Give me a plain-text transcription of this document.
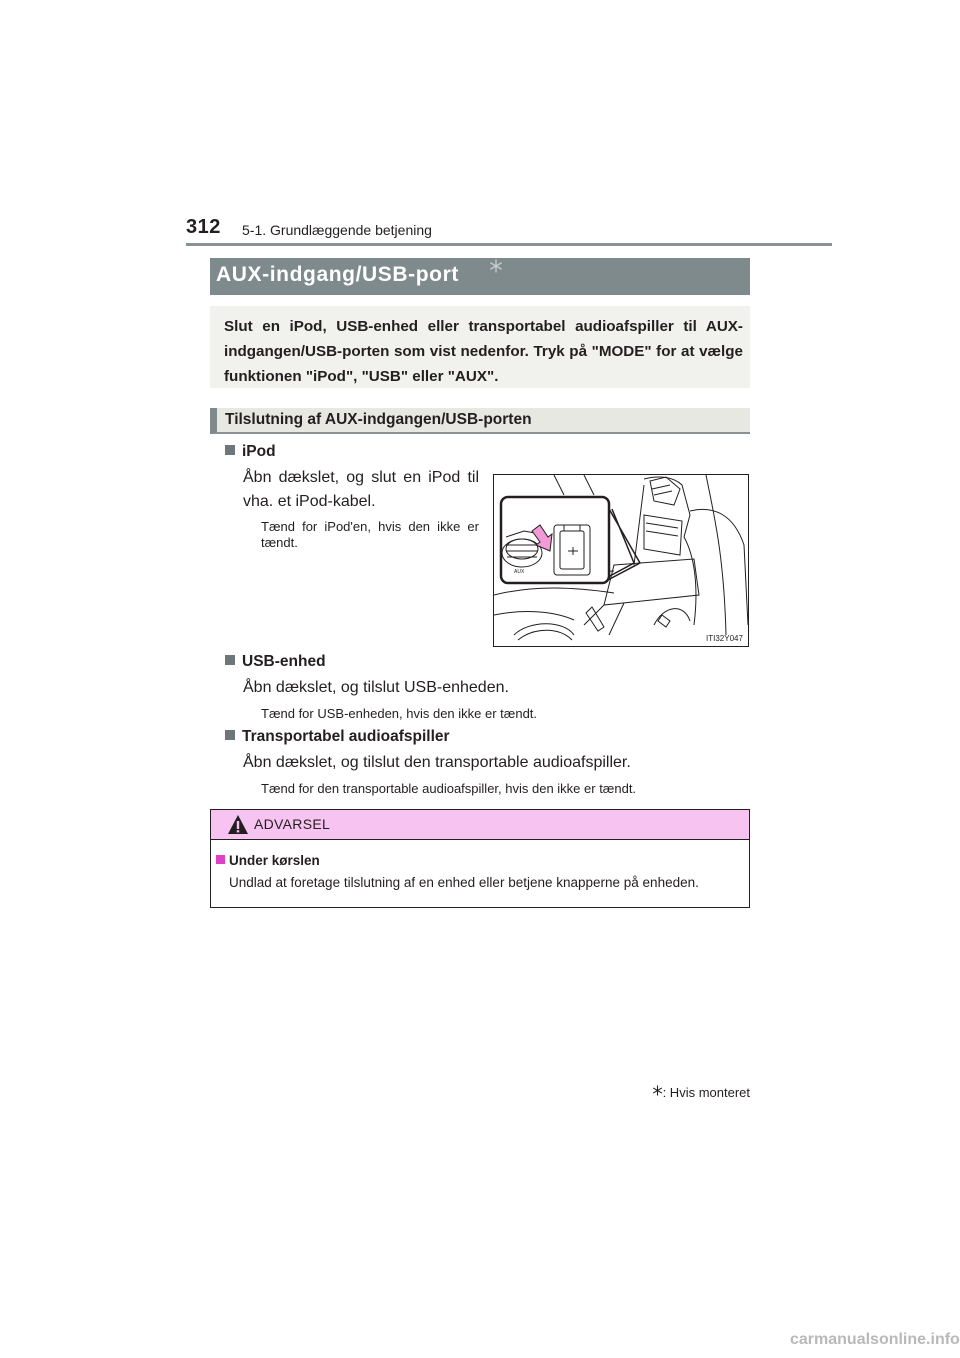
312 5-1. Grundlæggende betjening
AUX-indgang/USB-port
Slut en iPod, USB-enhed eller transportabel audioafspiller til AUX-indgangen/USB-porten som vist nedenfor. Tryk på "MODE" for at vælge funktionen "iPod", "USB" eller "AUX".
Tilslutning af AUX-indgangen/USB-porten
iPod
Åbn dækslet, og slut en iPod til vha. et iPod-kabel.
Tænd for iPod'en, hvis den ikke er tændt.
AUX
ITI32Y047
USB-enhed
Åbn dækslet, og tilslut USB-enheden.
Tænd for USB-enheden, hvis den ikke er tændt.
Transportabel audioafspiller
Åbn dækslet, og tilslut den transportable audioafspiller.
Tænd for den transportable audioafspiller, hvis den ikke er tændt.
ADVARSEL
Under kørslen
Undlad at foretage tilslutning af en enhed eller betjene knapperne på enheden.
: Hvis monteret
carmanualsonline.info
